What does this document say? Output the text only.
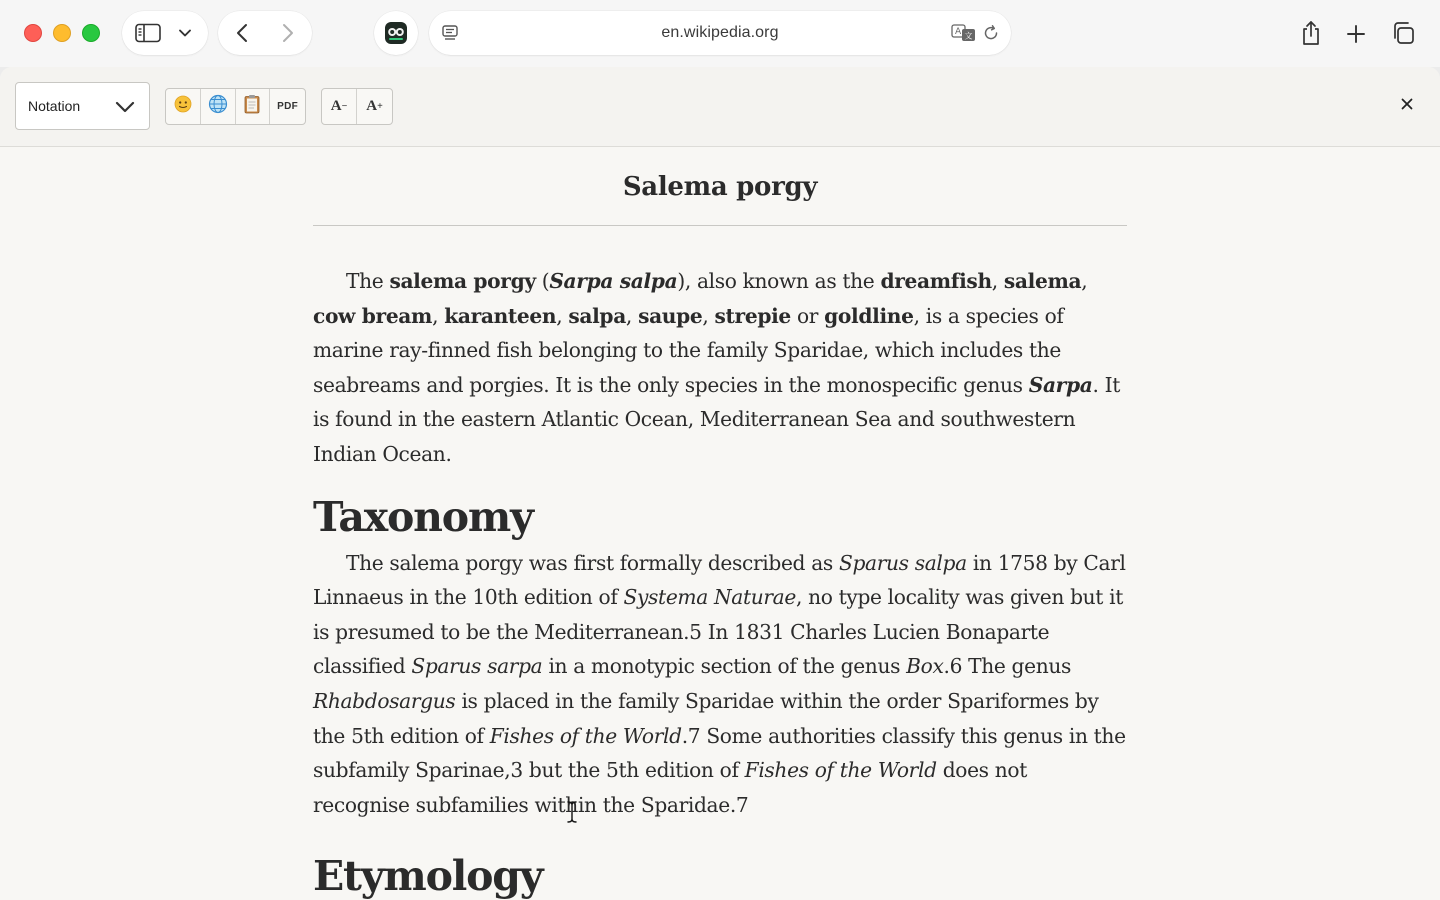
en.wikipedia.org	A 文
Notation	PDF A − A +
Salema porgy

The salema porgy (Sarpa salpa), also known as the dreamfish, salema, cow bream, karanteen, salpa, saupe, strepie or goldline, is a species of marine ray-finned fish belonging to the family Sparidae, which includes the seabreams and porgies. It is the only species in the monospecific genus Sarpa. It is found in the eastern Atlantic Ocean, Mediterranean Sea and southwestern Indian Ocean.

Taxonomy

The salema porgy was first formally described as Sparus salpa in 1758 by Carl Linnaeus in the 10th edition of Systema Naturae, no type locality was given but it is presumed to be the Mediterranean.5 In 1831 Charles Lucien Bonaparte classified Sparus sarpa in a monotypic section of the genus Box.6 The genus Rhabdosargus is placed in the family Sparidae within the order Spariformes by the 5th edition of Fishes of the World.7 Some authorities classify this genus in the subfamily Sparinae,3 but the 5th edition of Fishes of the World does not recognise subfamilies within the Sparidae.7

Etymology
